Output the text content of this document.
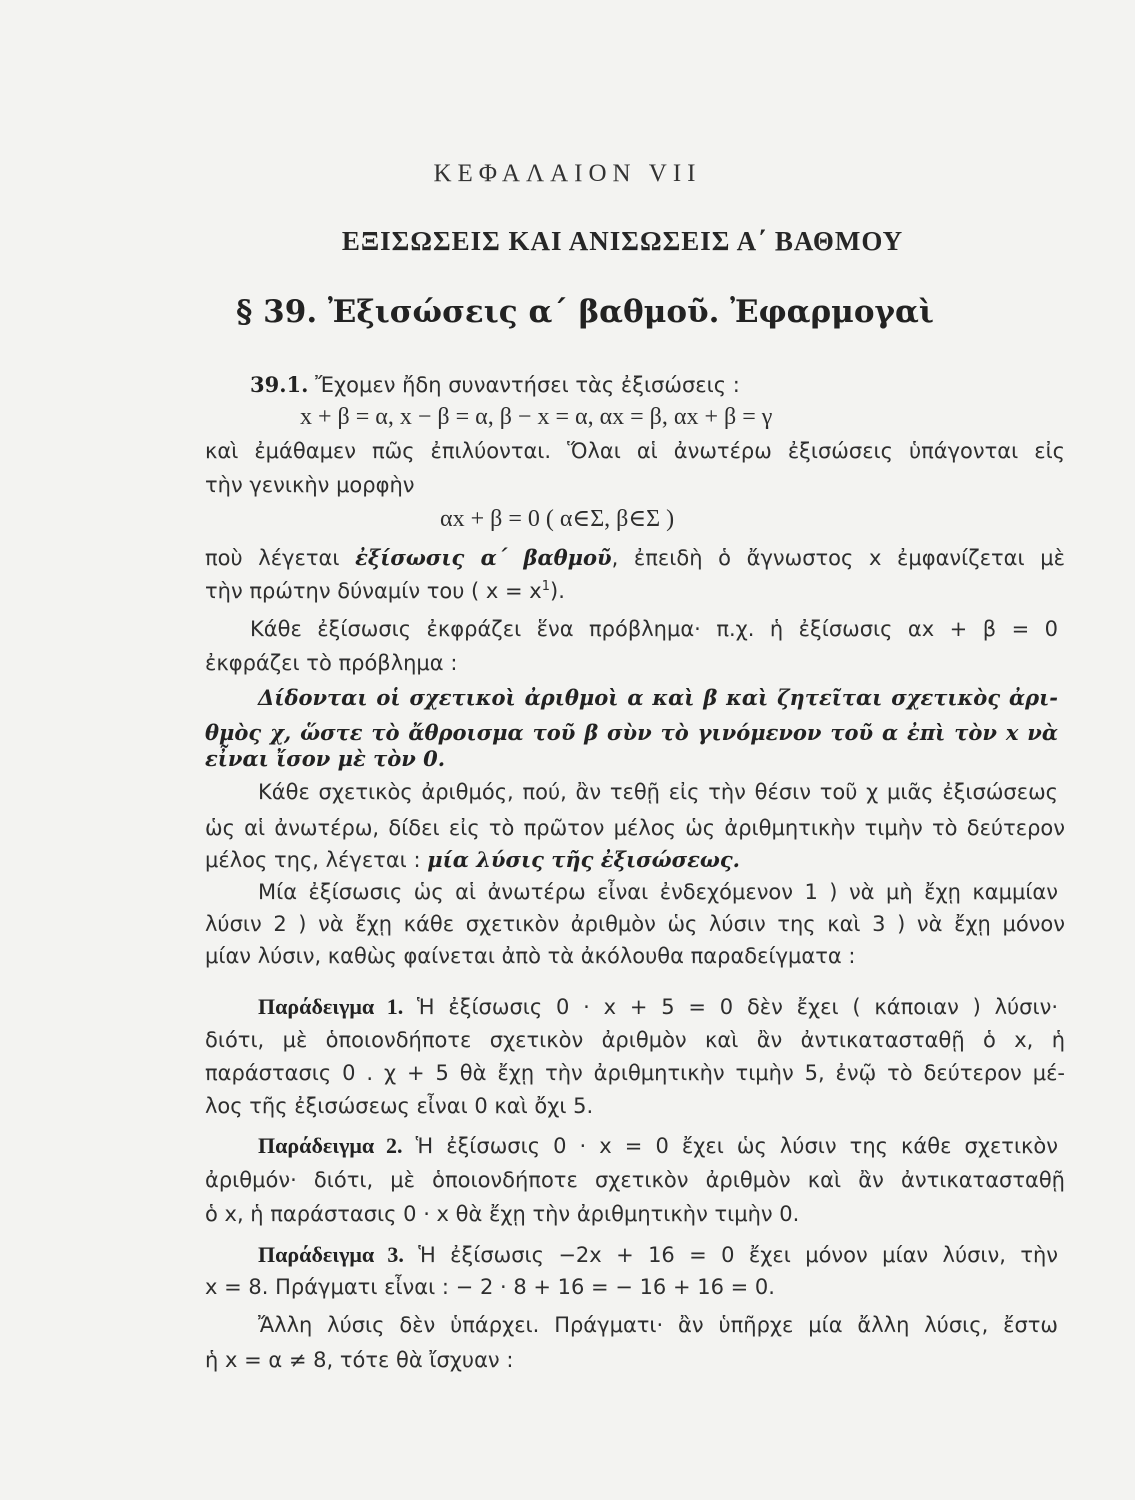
ΚΕΦΑΛΑΙΟΝ VII
ΕΞΙΣΩΣΕΙΣ ΚΑΙ ΑΝΙΣΩΣΕΙΣ Α΄ ΒΑΘΜΟΥ
§ 39. Ἐξισώσεις α΄ βαθμοῦ. Ἐφαρμογαὶ
39.1. Ἔχομεν ἤδη συναντήσει τὰς ἐξισώσεις :
x + β = α, x − β = α, β − x = α, αx = β, αx + β = γ
καὶ ἐμάθαμεν πῶς ἐπιλύονται. Ὅλαι αἱ ἀνωτέρω ἐξισώσεις ὑπάγονται εἰς
τὴν γενικὴν μορφὴν
αx + β = 0 ( α∈Σ, β∈Σ )
ποὺ λέγεται ἐξίσωσις α΄ βαθμοῦ, ἐπειδὴ ὁ ἄγνωστος x ἐμφανίζεται μὲ
τὴν πρώτην δύναμίν του ( $x = x^1$).
Κάθε ἐξίσωσις ἐκφράζει ἕνα πρόβλημα· π.χ. ἡ ἐξίσωσις αx + β = 0
ἐκφράζει τὸ πρόβλημα :
Δίδονται οἱ σχετικοὶ ἀριθμοὶ α καὶ β καὶ ζητεῖται σχετικὸς ἀρι-
θμὸς χ, ὥστε τὸ ἄθροισμα τοῦ β σὺν τὸ γινόμενον τοῦ α ἐπὶ τὸν x νὰ
εἶναι ἴσον μὲ τὸν 0.
Κάθε σχετικὸς ἀριθμός, πού, ἂν τεθῇ εἰς τὴν θέσιν τοῦ χ μιᾶς ἐξισώσεως
ὡς αἱ ἀνωτέρω, δίδει εἰς τὸ πρῶτον μέλος ὡς ἀριθμητικὴν τιμὴν τὸ δεύτερον
μέλος της, λέγεται : μία λύσις τῆς ἐξισώσεως.
Μία ἐξίσωσις ὡς αἱ ἀνωτέρω εἶναι ἐνδεχόμενον 1 ) νὰ μὴ ἔχῃ καμμίαν
λύσιν 2 ) νὰ ἔχῃ κάθε σχετικὸν ἀριθμὸν ὡς λύσιν της καὶ 3 ) νὰ ἔχῃ μόνον
μίαν λύσιν, καθὼς φαίνεται ἀπὸ τὰ ἀκόλουθα παραδείγματα :
Παράδειγμα 1. Ἡ ἐξίσωσις 0 · x + 5 = 0 δὲν ἔχει ( κάποιαν ) λύσιν·
διότι, μὲ ὁποιονδήποτε σχετικὸν ἀριθμὸν καὶ ἂν ἀντικατασταθῇ ὁ x, ἡ
παράστασις 0 . χ + 5 θὰ ἔχῃ τὴν ἀριθμητικὴν τιμὴν 5, ἐνῷ τὸ δεύτερον μέ-
λος τῆς ἐξισώσεως εἶναι 0 καὶ ὄχι 5.
Παράδειγμα 2. Ἡ ἐξίσωσις 0 · x = 0 ἔχει ὡς λύσιν της κάθε σχετικὸν
ἀριθμόν· διότι, μὲ ὁποιονδήποτε σχετικὸν ἀριθμὸν καὶ ἂν ἀντικατασταθῇ
ὁ x, ἡ παράστασις 0 · x θὰ ἔχῃ τὴν ἀριθμητικὴν τιμὴν 0.
Παράδειγμα 3. Ἡ ἐξίσωσις −2x + 16 = 0 ἔχει μόνον μίαν λύσιν, τὴν
x = 8. Πράγματι εἶναι : − 2 · 8 + 16 = − 16 + 16 = 0.
Ἄλλη λύσις δὲν ὑπάρχει. Πράγματι· ἂν ὑπῆρχε μία ἄλλη λύσις, ἔστω
ἡ x = α ≠ 8, τότε θὰ ἴσχυαν :
